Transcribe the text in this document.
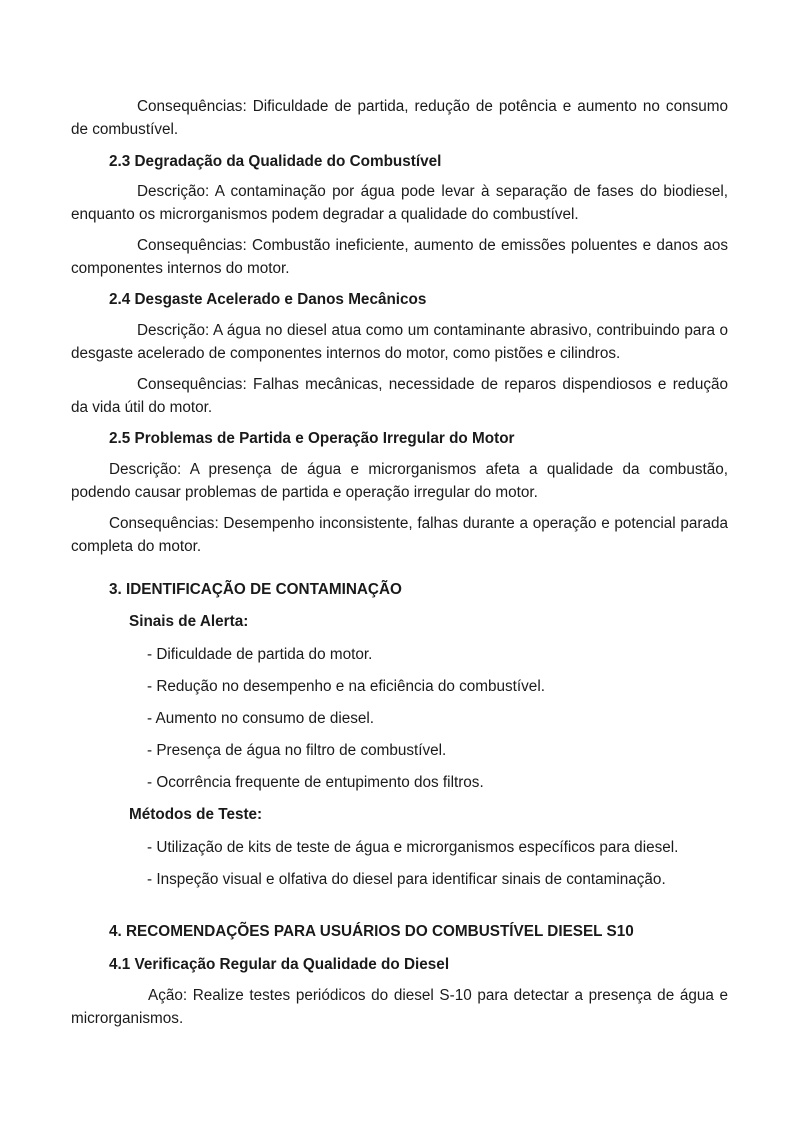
Consequências: Dificuldade de partida, redução de potência e aumento no consumo de combustível.

2.3 Degradação da Qualidade do Combustível

Descrição: A contaminação por água pode levar à separação de fases do biodiesel, enquanto os microrganismos podem degradar a qualidade do combustível.

Consequências: Combustão ineficiente, aumento de emissões poluentes e danos aos componentes internos do motor.

2.4 Desgaste Acelerado e Danos Mecânicos

Descrição: A água no diesel atua como um contaminante abrasivo, contribuindo para o desgaste acelerado de componentes internos do motor, como pistões e cilindros.

Consequências: Falhas mecânicas, necessidade de reparos dispendiosos e redução da vida útil do motor.

2.5 Problemas de Partida e Operação Irregular do Motor

Descrição: A presença de água e microrganismos afeta a qualidade da combustão, podendo causar problemas de partida e operação irregular do motor.

Consequências: Desempenho inconsistente, falhas durante a operação e potencial parada completa do motor.

3. IDENTIFICAÇÃO DE CONTAMINAÇÃO

Sinais de Alerta:

- Dificuldade de partida do motor.

- Redução no desempenho e na eficiência do combustível.

- Aumento no consumo de diesel.

- Presença de água no filtro de combustível.

- Ocorrência frequente de entupimento dos filtros.

Métodos de Teste:

- Utilização de kits de teste de água e microrganismos específicos para diesel.

- Inspeção visual e olfativa do diesel para identificar sinais de contaminação.

4. RECOMENDAÇÕES PARA USUÁRIOS DO COMBUSTÍVEL DIESEL S10

4.1 Verificação Regular da Qualidade do Diesel

Ação: Realize testes periódicos do diesel S-10 para detectar a presença de água e microrganismos.
